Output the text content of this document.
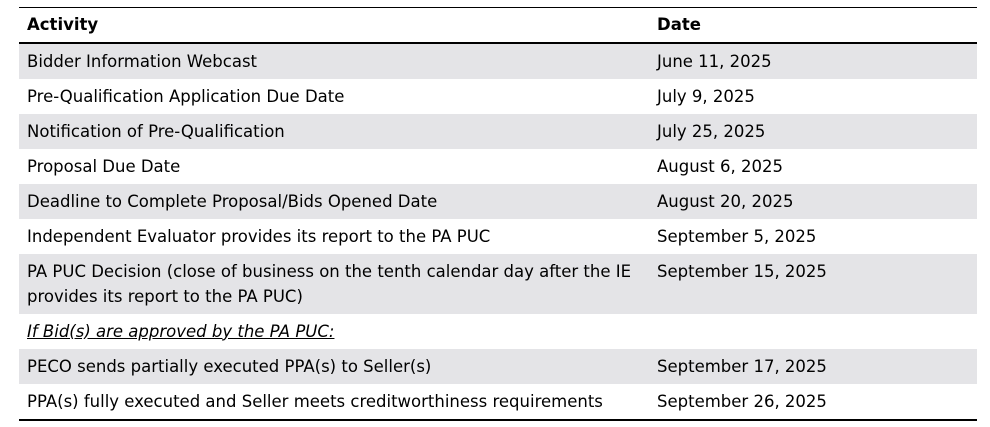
Activity	Date
Bidder Information Webcast	June 11, 2025
Pre-Qualification Application Due Date	July 9, 2025
Notification of Pre-Qualification	July 25, 2025
Proposal Due Date	August 6, 2025
Deadline to Complete Proposal/Bids Opened Date	August 20, 2025
Independent Evaluator provides its report to the PA PUC	September 5, 2025
PA PUC Decision (close of business on the tenth calendar day after the IE provides its report to the PA PUC)	September 15, 2025
If Bid(s) are approved by the PA PUC:	
PECO sends partially executed PPA(s) to Seller(s)	September 17, 2025
PPA(s) fully executed and Seller meets creditworthiness requirements	September 26, 2025
